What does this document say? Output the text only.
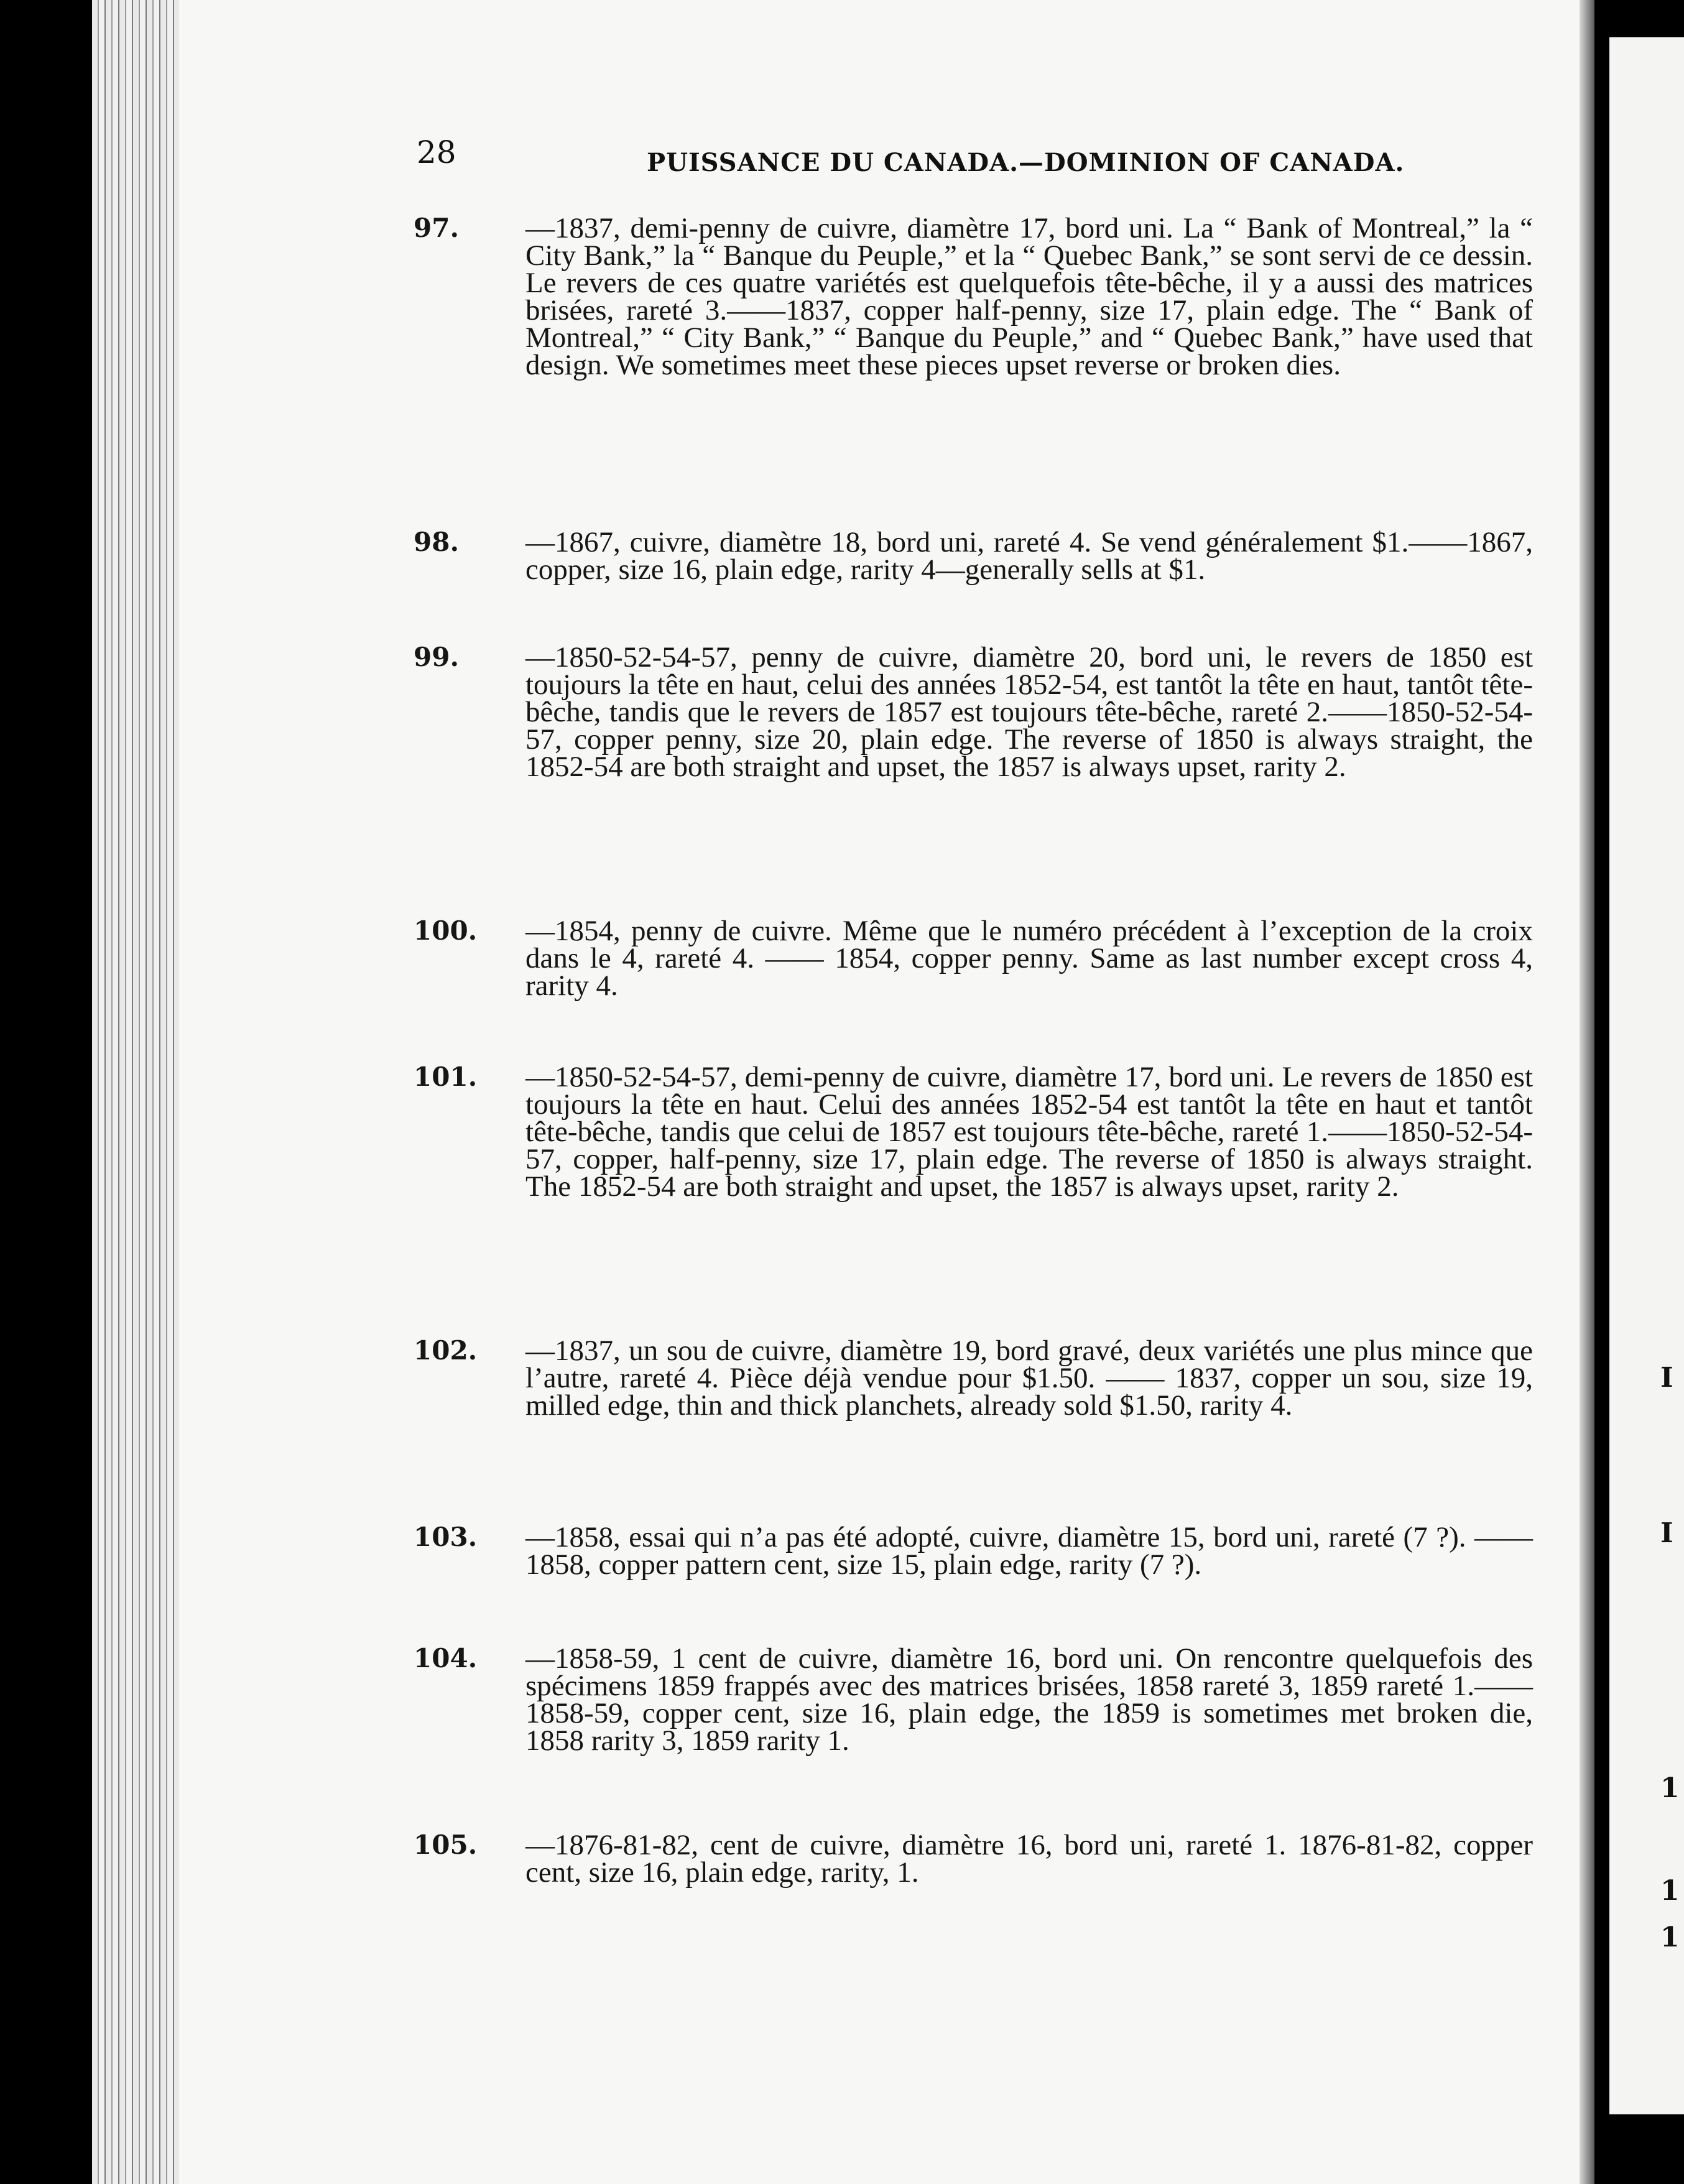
I
I
1
1
1
28	PUISSANCE DU CANADA.—DOMINION OF CANADA.
97. —1837, demi-penny de cuivre, diamètre 17, bord uni. La “ Bank of Montreal,” la “ City Bank,” la “ Banque du Peuple,” et la “ Quebec Bank,” se sont servi de ce dessin. Le revers de ces quatre variétés est quelquefois tête-bêche, il y a aussi des matrices brisées, rareté 3.——1837, copper half-penny, size 17, plain edge. The “ Bank of Montreal,” “ City Bank,” “ Banque du Peuple,” and “ Quebec Bank,” have used that design. We sometimes meet these pieces upset reverse or broken dies.
98. —1867, cuivre, diamètre 18, bord uni, rareté 4. Se vend généralement $1.——1867, copper, size 16, plain edge, rarity 4—generally sells at $1.
99. —1850-52-54-57, penny de cuivre, diamètre 20, bord uni, le revers de 1850 est toujours la tête en haut, celui des années 1852-54, est tantôt la tête en haut, tantôt tête-bêche, tandis que le revers de 1857 est toujours tête-bêche, rareté 2.——1850-52-54-57, copper penny, size 20, plain edge. The reverse of 1850 is always straight, the 1852-54 are both straight and upset, the 1857 is always upset, rarity 2.
100. —1854, penny de cuivre. Même que le numéro précédent à l’exception de la croix dans le 4, rareté 4. —— 1854, copper penny. Same as last number except cross 4, rarity 4.
101. —1850-52-54-57, demi-penny de cuivre, diamètre 17, bord uni. Le revers de 1850 est toujours la tête en haut. Celui des années 1852-54 est tantôt la tête en haut et tantôt tête-bêche, tandis que celui de 1857 est toujours tête-bêche, rareté 1.——1850-52-54-57, copper, half-penny, size 17, plain edge. The reverse of 1850 is always straight. The 1852-54 are both straight and upset, the 1857 is always upset, rarity 2.
102. —1837, un sou de cuivre, diamètre 19, bord gravé, deux variétés une plus mince que l’autre, rareté 4. Pièce déjà vendue pour $1.50. —— 1837, copper un sou, size 19, milled edge, thin and thick planchets, already sold $1.50, rarity 4.
103. —1858, essai qui n’a pas été adopté, cuivre, diamètre 15, bord uni, rareté (7 ?). —— 1858, copper pattern cent, size 15, plain edge, rarity (7 ?).
104. —1858-59, 1 cent de cuivre, diamètre 16, bord uni. On rencontre quelquefois des spécimens 1859 frappés avec des matrices brisées, 1858 rareté 3, 1859 rareté 1.——1858-59, copper cent, size 16, plain edge, the 1859 is sometimes met broken die, 1858 rarity 3, 1859 rarity 1.
105. —1876-81-82, cent de cuivre, diamètre 16, bord uni, rareté 1. 1876-81-82, copper cent, size 16, plain edge, rarity, 1.
